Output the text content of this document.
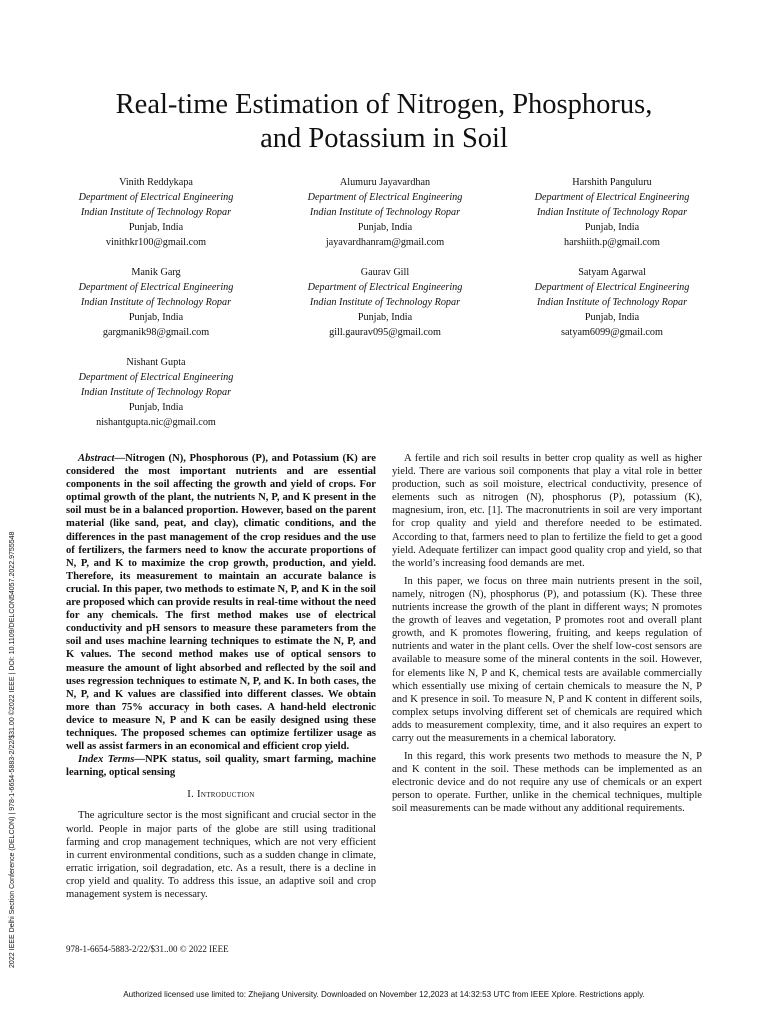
Real-time Estimation of Nitrogen, Phosphorus,
and Potassium in Soil
Vinith Reddykapa
Department of Electrical Engineering
Indian Institute of Technology Ropar
Punjab, India
vinithkr100@gmail.com
Alumuru Jayavardhan
Department of Electrical Engineering
Indian Institute of Technology Ropar
Punjab, India
jayavardhanram@gmail.com
Harshith Panguluru
Department of Electrical Engineering
Indian Institute of Technology Ropar
Punjab, India
harshiith.p@gmail.com
Manik Garg
Department of Electrical Engineering
Indian Institute of Technology Ropar
Punjab, India
gargmanik98@gmail.com
Gaurav Gill
Department of Electrical Engineering
Indian Institute of Technology Ropar
Punjab, India
gill.gaurav095@gmail.com
Satyam Agarwal
Department of Electrical Engineering
Indian Institute of Technology Ropar
Punjab, India
satyam6099@gmail.com
Nishant Gupta
Department of Electrical Engineering
Indian Institute of Technology Ropar
Punjab, India
nishantgupta.nic@gmail.com
2022 IEEE Delhi Section Conference (DELCON) | 978-1-6654-5883-2/22/$31.00 ©2022 IEEE | DOI: 10.1109/DELCON54057.2022.9755548

Abstract—Nitrogen (N), Phosphorous (P), and Potassium (K) are considered the most important nutrients and are essential components in the soil affecting the growth and yield of crops. For optimal growth of the plant, the nutrients N, P, and K present in the soil must be in a balanced proportion. However, based on the parent material (like sand, peat, and clay), climatic conditions, and the differences in the past management of the crop residues and the use of fertilizers, the farmers need to know the accurate proportions of N, P, and K to maximize the crop growth, production, and yield. Therefore, its measurement to maintain an accurate balance is crucial. In this paper, two methods to estimate N, P, and K in the soil are proposed which can provide results in real-time without the need for any chemicals. The first method makes use of electrical conductivity and pH sensors to measure these parameters from the soil and uses machine learning techniques to estimate the N, P, and K values. The second method makes use of optical sensors to measure the amount of light absorbed and reflected by the soil and uses regression techniques to estimate N, P, and K. In both cases, the N, P, and K values are classified into different classes. We obtain more than 75% accuracy in both cases. A hand-held electronic device to measure N, P and K can be easily designed using these techniques. The proposed schemes can optimize fertilizer usage as well as assist farmers in an economical and efficient crop yield.

Index Terms—NPK status, soil quality, smart farming, machine learning, optical sensing

I. Introduction

The agriculture sector is the most significant and crucial sector in the world. People in major parts of the globe are still using traditional farming and crop management techniques, which are not very efficient in current environmental conditions, such as a sudden change in climate, erratic irrigation, soil degradation, etc. As a result, there is a decline in crop yield and quality. To address this issue, an adaptive soil and crop management system is necessary.

A fertile and rich soil results in better crop quality as well as higher yield. There are various soil components that play a vital role in better production, such as soil moisture, electrical conductivity, presence of elements such as nitrogen (N), phosphorus (P), potassium (K), magnesium, iron, etc. [1]. The macronutrients in soil are very important for crop quality and yield and therefore needed to be estimated. According to that, farmers need to plan to fertilize the field to get a good yield. Adequate fertilizer can impact good quality crop and yield, so that the world’s increasing food demands are met.

In this paper, we focus on three main nutrients present in the soil, namely, nitrogen (N), phosphorus (P), and potassium (K). These three nutrients increase the growth of the plant in different ways; N promotes the growth of leaves and vegetation, P promotes root and overall plant growth, and K promotes flowering, fruiting, and keeps regulation of nutrients and water in the plant cells. Over the shelf low-cost sensors are available to measure some of the mineral contents in the soil. However, for elements like N, P and K, chemical tests are available commercially which essentially use mixing of certain chemicals to measure the N, P and K presence in soil. To measure N, P and K content in different soils, complex setups involving different set of chemicals are required which adds to measurement complexity, time, and it also requires an expert to carry out the measurements in a chemical laboratory.

In this regard, this work presents two methods to measure the N, P and K content in the soil. These methods can be implemented as an electronic device and do not require any use of chemicals or an expert person to operate. Further, unlike in the chemical techniques, multiple soil measurements can be made without any additional requirements.

978-1-6654-5883-2/22/$31..00 © 2022 IEEE
Authorized licensed use limited to: Zhejiang University. Downloaded on November 12,2023 at 14:32:53 UTC from IEEE Xplore. Restrictions apply.
